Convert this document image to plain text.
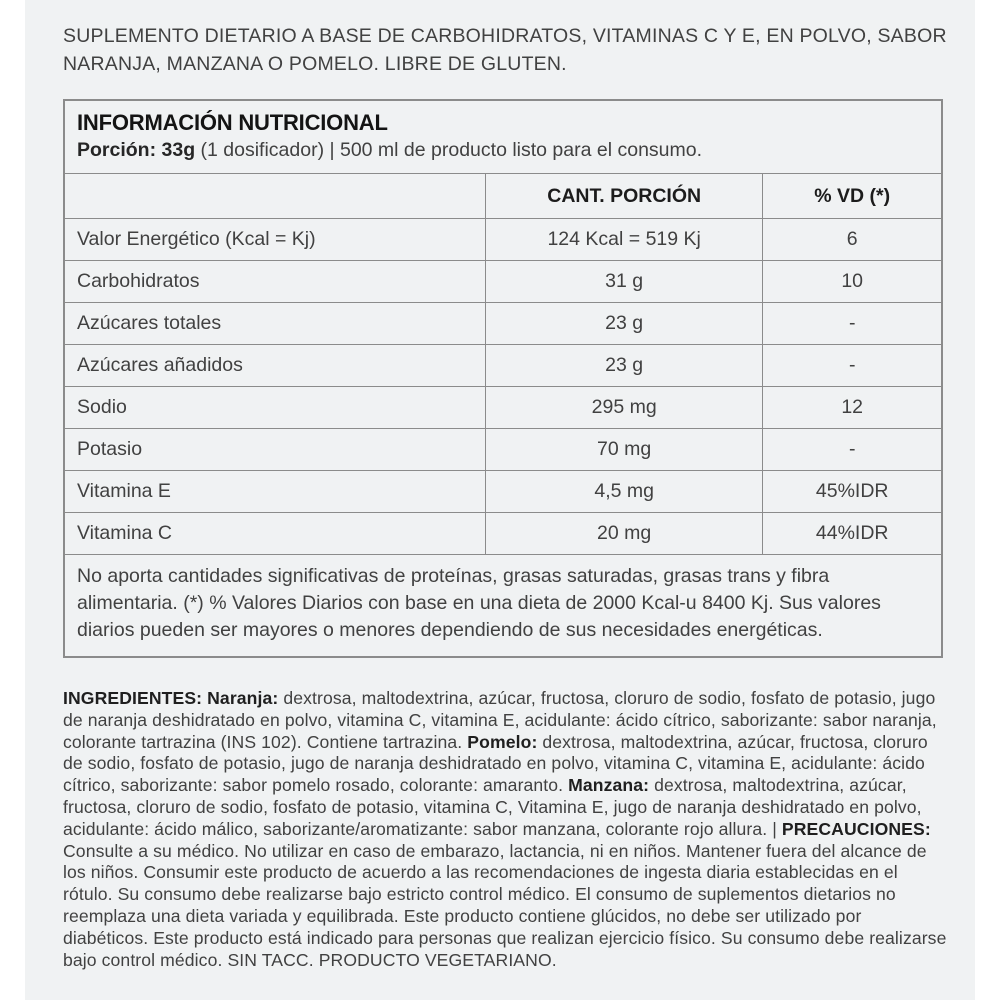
SUPLEMENTO DIETARIO A BASE DE CARBOHIDRATOS, VITAMINAS C Y E, EN POLVO, SABOR NARANJA, MANZANA O POMELO. LIBRE DE GLUTEN.

INFORMACIÓN NUTRICIONAL
Porción: 33g (1 dosificador) | 500 ml de producto listo para el consumo.		

	CANT. PORCIÓN	% VD (*)
Valor Energético (Kcal = Kj)	124 Kcal = 519 Kj	6
Carbohidratos	31 g	10
Azúcares totales	23 g	-
Azúcares añadidos	23 g	-
Sodio	295 mg	12
Potasio	70 mg	-
Vitamina E	4,5 mg	45%IDR
Vitamina C	20 mg	44%IDR
No aporta cantidades significativas de proteínas, grasas saturadas, grasas trans y fibra alimentaria. (*) % Valores Diarios con base en una dieta de 2000 Kcal-u 8400 Kj. Sus valores diarios pueden ser mayores o menores dependiendo de sus necesidades energéticas.		

INGREDIENTES: Naranja: dextrosa, maltodextrina, azúcar, fructosa, cloruro de sodio, fosfato de potasio, jugo de naranja deshidratado en polvo, vitamina C, vitamina E, acidulante: ácido cítrico, saborizante: sabor naranja, colorante tartrazina (INS 102). Contiene tartrazina. Pomelo: dextrosa, maltodextrina, azúcar, fructosa, cloruro de sodio, fosfato de potasio, jugo de naranja deshidratado en polvo, vitamina C, vitamina E, acidulante: ácido cítrico, saborizante: sabor pomelo rosado, colorante: amaranto. Manzana: dextrosa, maltodextrina, azúcar, fructosa, cloruro de sodio, fosfato de potasio, vitamina C, Vitamina E, jugo de naranja deshidratado en polvo, acidulante: ácido málico, saborizante/aromatizante: sabor manzana, colorante rojo allura. | PRECAUCIONES: Consulte a su médico. No utilizar en caso de embarazo, lactancia, ni en niños. Mantener fuera del alcance de los niños. Consumir este producto de acuerdo a las recomendaciones de ingesta diaria establecidas en el rótulo. Su consumo debe realizarse bajo estricto control médico. El consumo de suplementos dietarios no reemplaza una dieta variada y equilibrada. Este producto contiene glúcidos, no debe ser utilizado por diabéticos. Este producto está indicado para personas que realizan ejercicio físico. Su consumo debe realizarse bajo control médico. SIN TACC. PRODUCTO VEGETARIANO.
